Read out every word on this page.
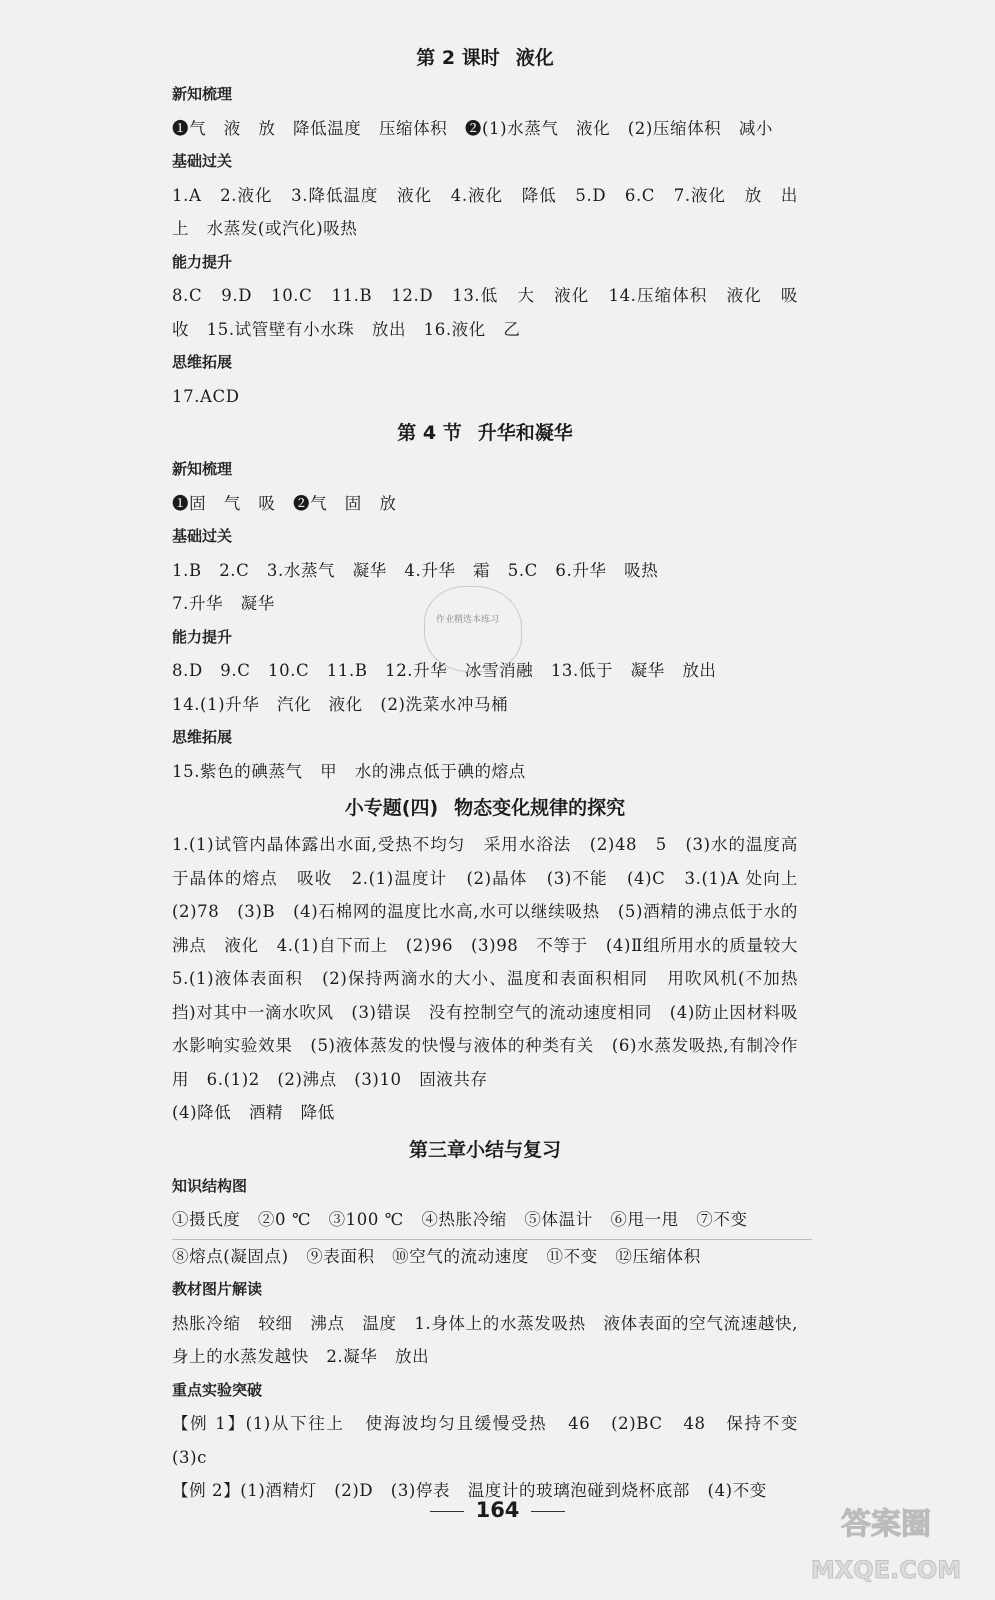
第 2 课时 液化
新知梳理
❶气   液   放   降低温度   压缩体积   ❷(1)水蒸气   液化   (2)压缩体积   减小
基础过关
1.A   2.液化   3.降低温度   液化   4.液化   降低   5.D   6.C   7.液化   放   出   上   水蒸发(或汽化)吸热
能力提升
8.C   9.D   10.C   11.B   12.D   13.低   大   液化   14.压缩体积   液化   吸   收   15.试管壁有小水珠   放出   16.液化   乙
思维拓展
17.ACD
第 4 节 升华和凝华
新知梳理
❶固   气   吸   ❷气   固   放
基础过关
1.B   2.C   3.水蒸气   凝华   4.升华   霜   5.C   6.升华   吸热
7.升华   凝华
能力提升
8.D   9.C   10.C   11.B   12.升华   冰雪消融   13.低于   凝华   放出
14.(1)升华   汽化   液化   (2)洗菜水冲马桶
思维拓展
15.紫色的碘蒸气   甲   水的沸点低于碘的熔点
小专题(四) 物态变化规律的探究
1.(1)试管内晶体露出水面,受热不均匀   采用水浴法   (2)48   5   (3)水的温度高于晶体的熔点   吸收   2.(1)温度计   (2)晶体   (3)不能   (4)C   3.(1)A 处向上   (2)78   (3)B   (4)石棉网的温度比水高,水可以继续吸热   (5)酒精的沸点低于水的沸点   液化   4.(1)自下而上   (2)96   (3)98   不等于   (4)Ⅱ组所用水的质量较大   5.(1)液体表面积   (2)保持两滴水的大小、温度和表面积相同   用吹风机(不加热挡)对其中一滴水吹风   (3)错误   没有控制空气的流动速度相同   (4)防止因材料吸水影响实验效果   (5)液体蒸发的快慢与液体的种类有关   (6)水蒸发吸热,有制冷作用   6.(1)2   (2)沸点   (3)10   固液共存
(4)降低   酒精   降低
第三章小结与复习
知识结构图
①摄氏度   ②0 ℃   ③100 ℃   ④热胀冷缩   ⑤体温计   ⑥甩一甩   ⑦不变
⑧熔点(凝固点)   ⑨表面积   ⑩空气的流动速度   ⑪不变   ⑫压缩体积
教材图片解读
热胀冷缩   较细   沸点   温度   1.身体上的水蒸发吸热   液体表面的空气流速越快,身上的水蒸发越快   2.凝华   放出
重点实验突破
【例 1】(1)从下往上   使海波均匀且缓慢受热   46   (2)BC   48   保持不变   (3)c
【例 2】(1)酒精灯   (2)D   (3)停表   温度计的玻璃泡碰到烧杯底部   (4)不变
作业精选本练习
164	答案圈
MXQE.COM
